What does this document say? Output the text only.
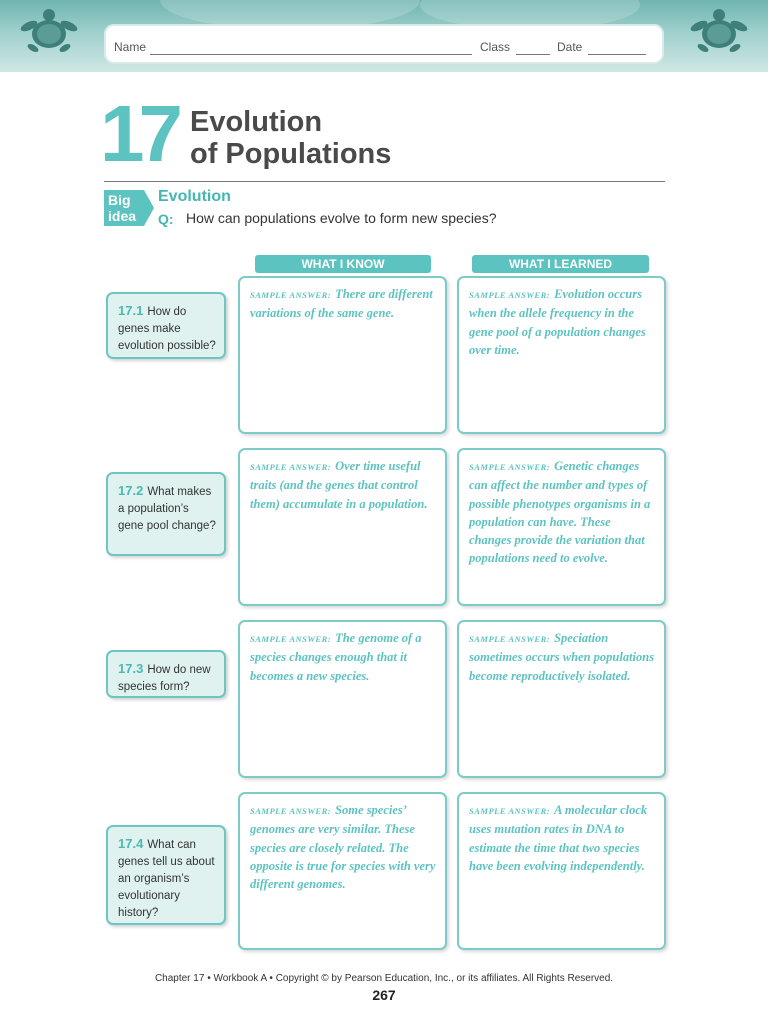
Name	Class	Date
17 Evolution
of Populations
Big
idea
Evolution
Q: How can populations evolve to form new species?
WHAT I KNOW	WHAT I LEARNED
17.1 How do genes make evolution possible?
SAMPLE ANSWER: There are different variations of the same gene.
SAMPLE ANSWER: Evolution occurs when the allele frequency in the gene pool of a population changes over time.
17.2 What makes a population’s gene pool change?
SAMPLE ANSWER: Over time useful traits (and the genes that control them) accumulate in a population.
SAMPLE ANSWER: Genetic changes can affect the number and types of possible phenotypes organisms in a population can have. These changes provide the variation that populations need to evolve.
17.3 How do new species form?
SAMPLE ANSWER: The genome of a species changes enough that it becomes a new species.
SAMPLE ANSWER: Speciation sometimes occurs when populations become reproductively isolated.
17.4 What can genes tell us about an organism’s evolutionary history?
SAMPLE ANSWER: Some species’ genomes are very similar. These species are closely related. The opposite is true for species with very different genomes.
SAMPLE ANSWER: A molecular clock uses mutation rates in DNA to estimate the time that two species have been evolving independently.
Chapter 17 • Workbook A • Copyright © by Pearson Education, Inc., or its affiliates. All Rights Reserved.
267
